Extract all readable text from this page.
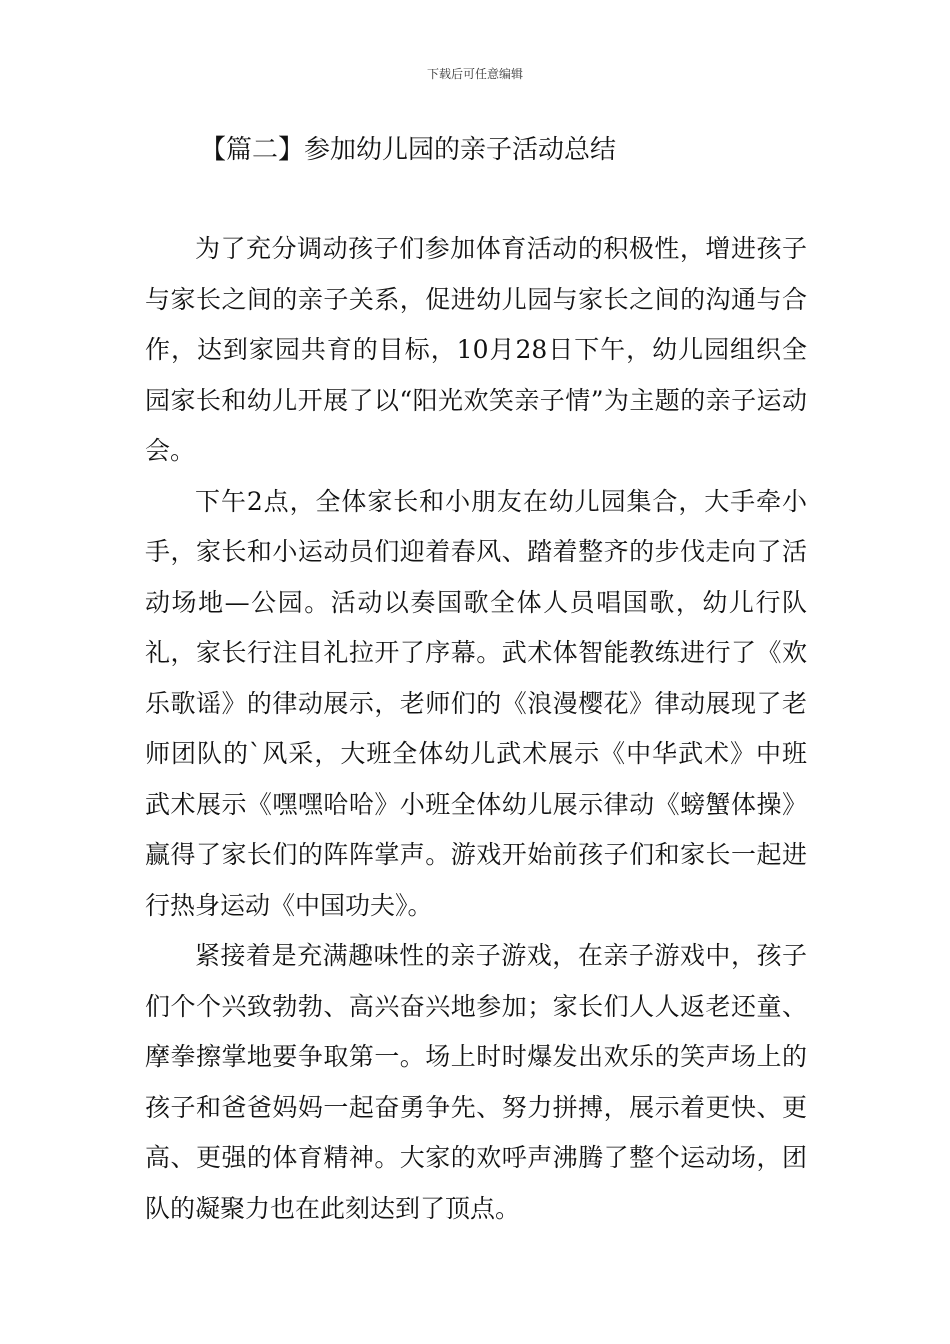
下载后可任意编辑
【篇二】参加幼儿园的亲子活动总结

为了充分调动孩子们参加体育活动的积极性，增进孩子与家长之间的亲子关系，促进幼儿园与家长之间的沟通与合作，达到家园共育的目标，10月28日下午，幼儿园组织全园家长和幼儿开展了以“阳光欢笑亲子情”为主题的亲子运动会。

下午2点，全体家长和小朋友在幼儿园集合，大手牵小手，家长和小运动员们迎着春风、踏着整齐的步伐走向了活动场地—公园。活动以奏国歌全体人员唱国歌，幼儿行队礼，家长行注目礼拉开了序幕。武术体智能教练进行了《欢乐歌谣》的律动展示，老师们的《浪漫樱花》律动展现了老师团队的`风采，大班全体幼儿武术展示《中华武术》中班武术展示《嘿嘿哈哈》小班全体幼儿展示律动《螃蟹体操》赢得了家长们的阵阵掌声。游戏开始前孩子们和家长一起进行热身运动《中国功夫》。

紧接着是充满趣味性的亲子游戏，在亲子游戏中，孩子们个个兴致勃勃、高兴奋兴地参加；家长们人人返老还童、摩拳擦掌地要争取第一。场上时时爆发出欢乐的笑声场上的孩子和爸爸妈妈一起奋勇争先、努力拼搏，展示着更快、更高、更强的体育精神。大家的欢呼声沸腾了整个运动场，团队的凝聚力也在此刻达到了顶点。
